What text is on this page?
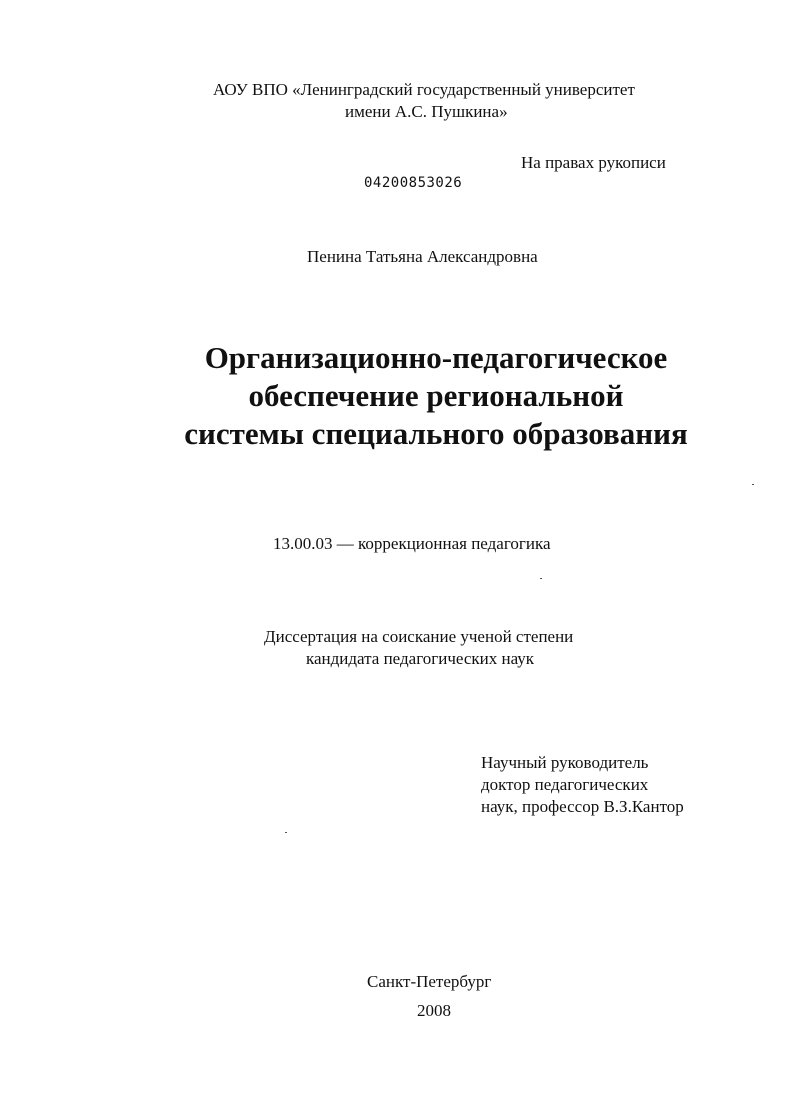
АОУ ВПО «Ленинградский государственный университет
имени А.С. Пушкина»
На правах рукописи
04200853026
Пенина Татьяна Александровна
Организационно-педагогическое
обеспечение региональной
системы специального образования
13.00.03 — коррекционная педагогика
Диссертация на соискание ученой степени
кандидата педагогических наук
Научный руководитель
доктор педагогических
наук, профессор В.З.Кантор
Санкт-Петербург
2008
